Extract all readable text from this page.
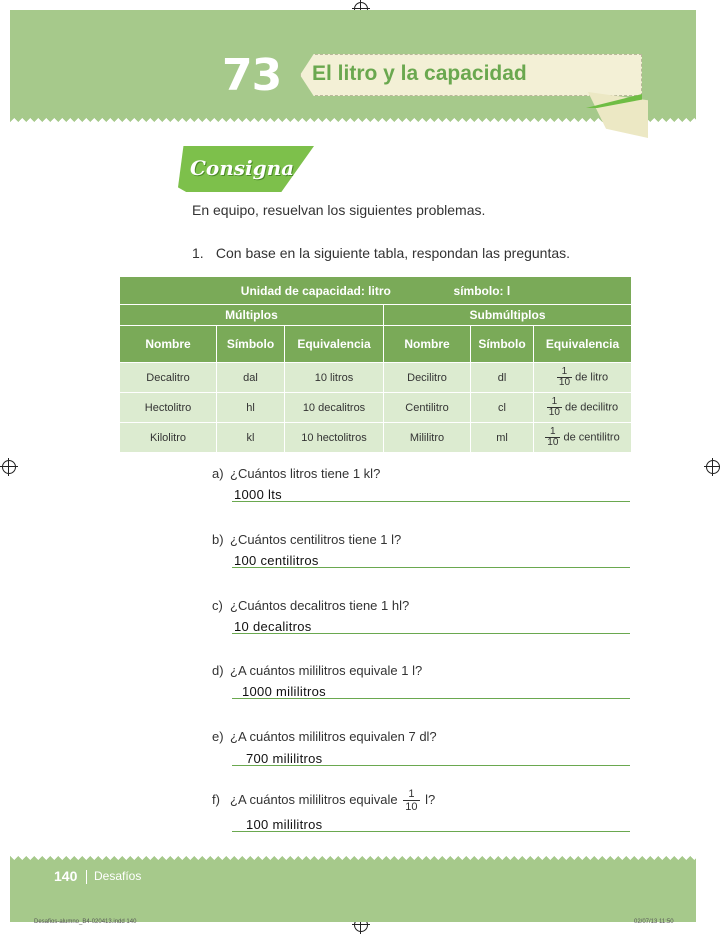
73 El litro y la capacidad
Consigna
En equipo, resuelvan los siguientes problemas.
1. Con base en la siguiente tabla, respondan las preguntas.
Unidad de capacidad: litro símbolo: l					
Múltiplos			Submúltiplos		
Nombre	Símbolo	Equivalencia	Nombre	Símbolo	Equivalencia
Decalitro	dal	10 litros	Decilitro	dl	$\frac{1}{10}$ de litro
Hectolitro	hl	10 decalitros	Centilitro	cl	$\frac{1}{10}$ de decilitro
Kilolitro	kl	10 hectolitros	Mililitro	ml	$\frac{1}{10}$ de centilitro
a) ¿Cuántos litros tiene 1 kl?
1000 lts
b) ¿Cuántos centilitros tiene 1 l?
100 centilitros
c) ¿Cuántos decalitros tiene 1 hl?
10 decalitros
d) ¿A cuántos mililitros equivale 1 l?
1000 mililitros
e) ¿A cuántos mililitros equivalen 7 dl?
700 mililitros
f) ¿A cuántos mililitros equivale $\frac{1}{10} l$?
100 mililitros
140 Desafíos
Desafios-alumno_B4-020413.indd 140	02/07/13 11:50
